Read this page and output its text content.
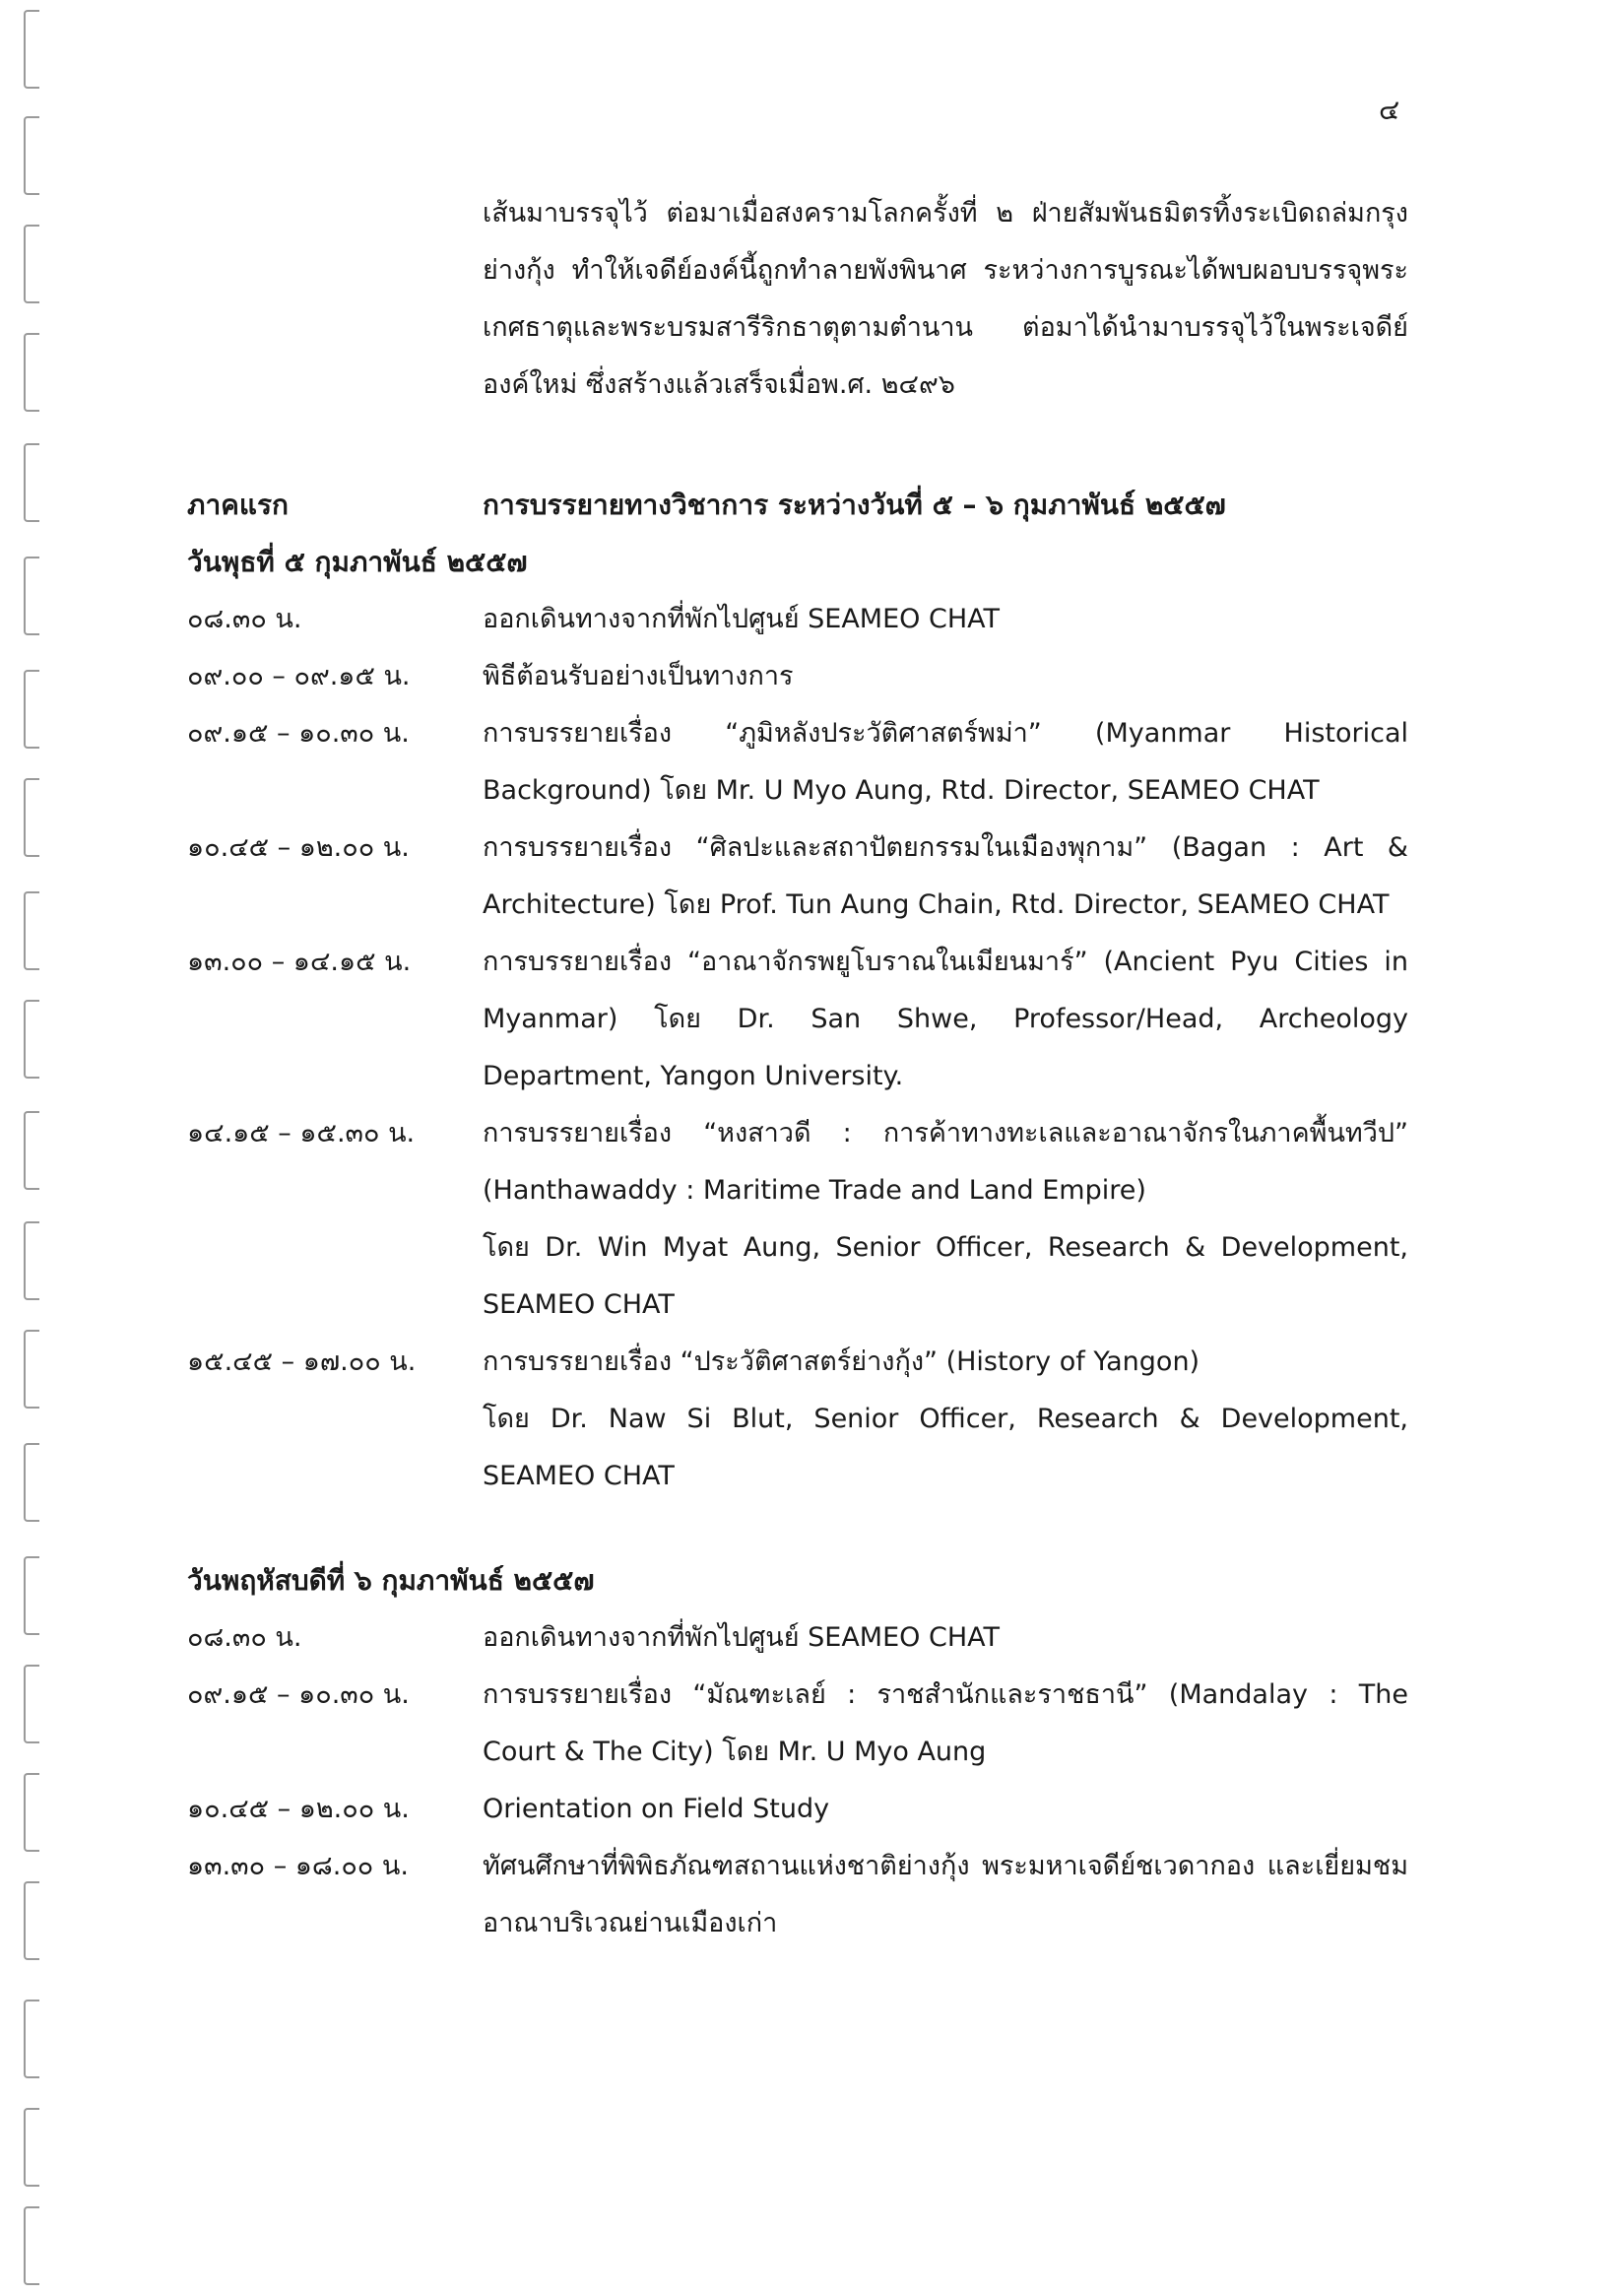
๔

เส้นมาบรรจุไว้ ต่อมาเมื่อสงครามโลกครั้งที่ ๒ ฝ่ายสัมพันธมิตรทิ้งระเบิดถล่มกรุงย่างกุ้ง ทำให้เจดีย์องค์นี้ถูกทำลายพังพินาศ ระหว่างการบูรณะได้พบผอบบรรจุพระเกศธาตุและพระบรมสารีริกธาตุตามตำนาน ต่อมาได้นำมาบรรจุไว้ในพระเจดีย์องค์ใหม่ ซึ่งสร้างแล้วเสร็จเมื่อพ.ศ. ๒๔๙๖

ภาคแรก	การบรรยายทางวิชาการ ระหว่างวันที่ ๕ – ๖ กุมภาพันธ์ ๒๕๕๗
วันพุธที่ ๕ กุมภาพันธ์ ๒๕๕๗
๐๘.๓๐ น.	ออกเดินทางจากที่พักไปศูนย์ SEAMEO CHAT
๐๙.๐๐ – ๐๙.๑๕ น.	พิธีต้อนรับอย่างเป็นทางการ
๐๙.๑๕ – ๑๐.๓๐ น.	การบรรยายเรื่อง “ภูมิหลังประวัติศาสตร์พม่า” (Myanmar Historical Background) โดย Mr. U Myo Aung, Rtd. Director, SEAMEO CHAT
๑๐.๔๕ – ๑๒.๐๐ น.	การบรรยายเรื่อง “ศิลปะและสถาปัตยกรรมในเมืองพุกาม” (Bagan : Art & Architecture) โดย Prof. Tun Aung Chain, Rtd. Director, SEAMEO CHAT
๑๓.๐๐ – ๑๔.๑๕ น.	การบรรยายเรื่อง “อาณาจักรพยูโบราณในเมียนมาร์” (Ancient Pyu Cities in Myanmar) โดย Dr. San Shwe, Professor/Head, Archeology Department, Yangon University.
๑๔.๑๕ – ๑๕.๓๐ น.	การบรรยายเรื่อง “หงสาวดี : การค้าทางทะเลและอาณาจักรในภาคพื้นทวีป” (Hanthawaddy : Maritime Trade and Land Empire)

โดย Dr. Win Myat Aung, Senior Officer, Research & Development, SEAMEO CHAT

๑๕.๔๕ – ๑๗.๐๐ น.	การบรรยายเรื่อง “ประวัติศาสตร์ย่างกุ้ง” (History of Yangon)

โดย Dr. Naw Si Blut, Senior Officer, Research & Development, SEAMEO CHAT

วันพฤหัสบดีที่ ๖ กุมภาพันธ์ ๒๕๕๗
๐๘.๓๐ น.	ออกเดินทางจากที่พักไปศูนย์ SEAMEO CHAT
๐๙.๑๕ – ๑๐.๓๐ น.	การบรรยายเรื่อง “มัณฑะเลย์ : ราชสำนักและราชธานี” (Mandalay : The Court & The City) โดย Mr. U Myo Aung
๑๐.๔๕ – ๑๒.๐๐ น.	Orientation on Field Study
๑๓.๓๐ – ๑๘.๐๐ น.	ทัศนศึกษาที่พิพิธภัณฑสถานแห่งชาติย่างกุ้ง พระมหาเจดีย์ชเวดากอง และเยี่ยมชมอาณาบริเวณย่านเมืองเก่า
